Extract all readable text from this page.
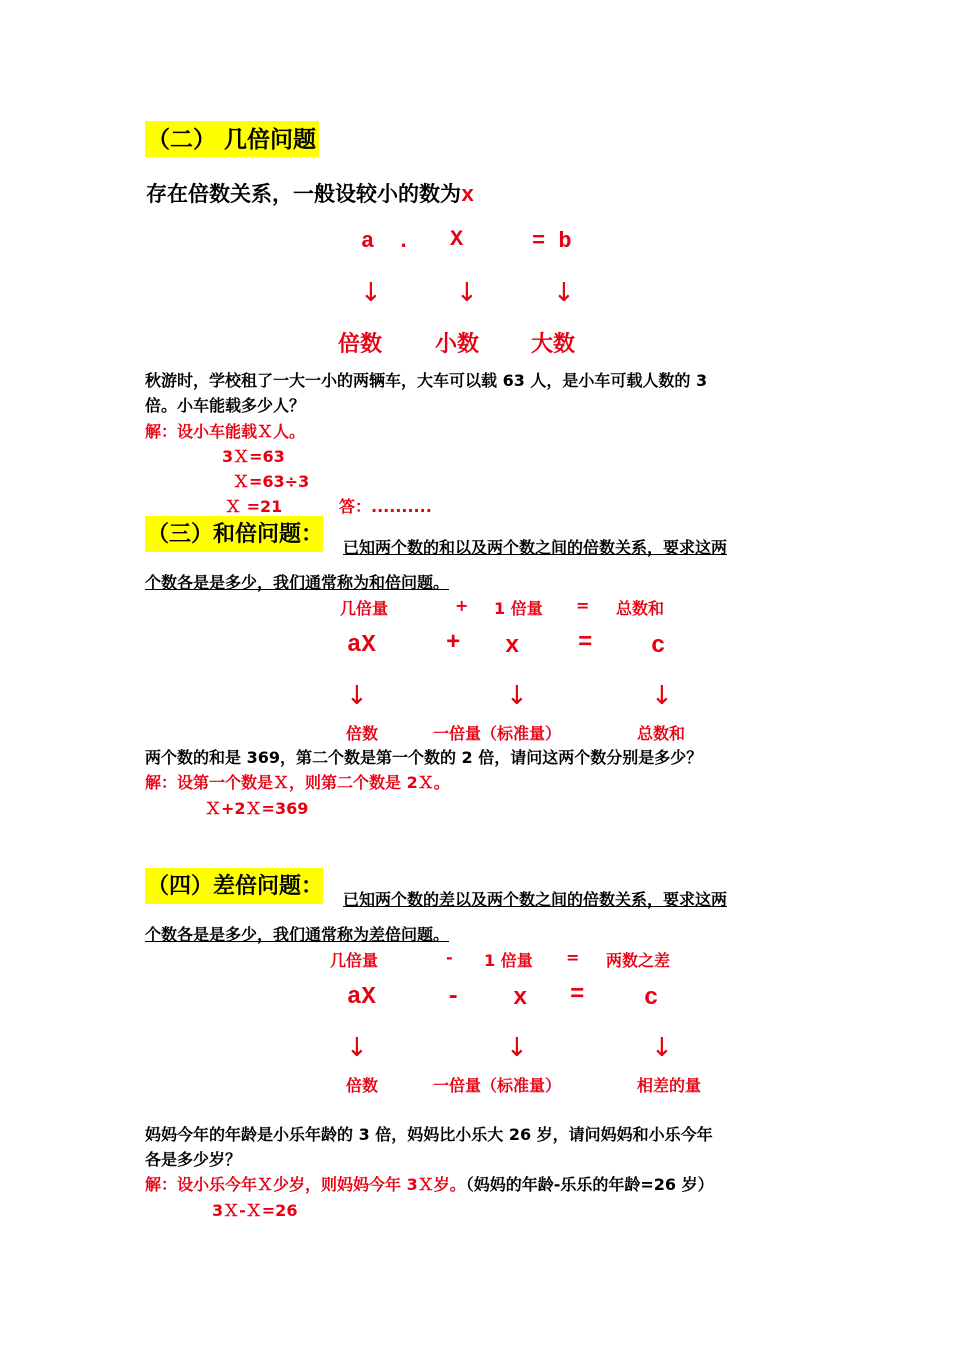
（二） 几倍问题
存在倍数关系，一般设较小的数为x
a . X	= b
↓	↓	↓
倍数 小数 大数
秋游时，学校租了一大一小的两辆车，大车可以载 63 人，是小车可载人数的 3
倍。小车能载多少人？
解：设小车能载Ｘ人。
3Ｘ=63
Ｘ=63÷3
Ｘ =21	答：..........
（三）和倍问题：
已知两个数的和以及两个数之间的倍数关系，要求这两
个数各是是多少，我们通常称为和倍问题。
几倍量	+ 1 倍量 = 总数和
aX	+ x = c
↓	↓	↓
倍数	一倍量（标准量）	总数和
两个数的和是 369，第二个数是第一个数的 2 倍，请问这两个数分别是多少？
解：设第一个数是Ｘ，则第二个数是 2Ｘ。
Ｘ+2Ｘ=369
（四）差倍问题：
已知两个数的差以及两个数之间的倍数关系，要求这两
个数各是是多少，我们通常称为差倍问题。
几倍量	- 1 倍量 = 两数之差
aX	- x = c
↓	↓	↓
倍数	一倍量（标准量）	相差的量
妈妈今年的年龄是小乐年龄的 3 倍，妈妈比小乐大 26 岁，请问妈妈和小乐今年
各是多少岁？
解：设小乐今年Ｘ少岁，则妈妈今年 3Ｘ岁。（妈妈的年龄-乐乐的年龄=26 岁）
3Ｘ-Ｘ=26
